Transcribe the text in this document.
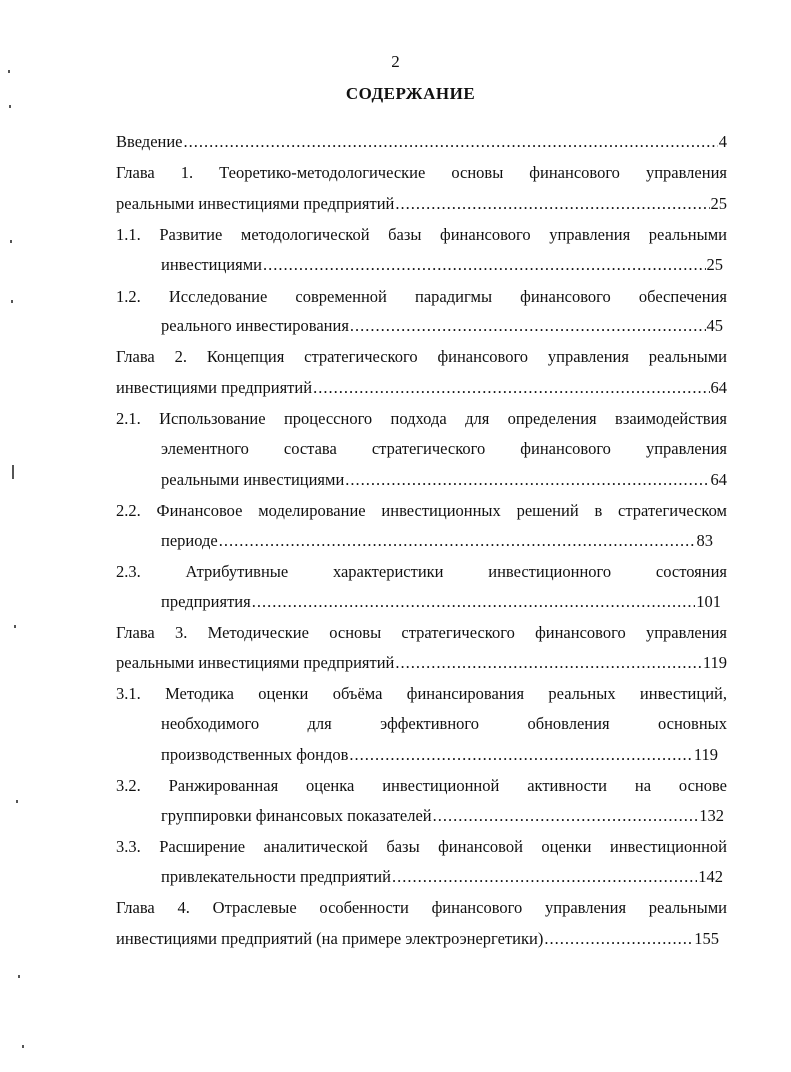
2
СОДЕРЖАНИЕ
Введение .....	4
Глава 1. Теоретико-методологические основы финансового управления
реальными инвестициями предприятий .....	25
1.1. Развитие методологической базы финансового управления реальными
инвестициями .....	25
1.2. Исследование современной парадигмы финансового обеспечения
реального инвестирования .....	45
Глава 2. Концепция стратегического финансового управления реальными
инвестициями предприятий .....	64
2.1. Использование процессного подхода для определения взаимодействия
элементного состава стратегического финансового управления
реальными инвестициями .....	64
2.2. Финансовое моделирование инвестиционных решений в стратегическом
периоде .....	83
2.3. Атрибутивные характеристики инвестиционного состояния
предприятия .....	101
Глава 3. Методические основы стратегического финансового управления
реальными инвестициями предприятий .....	119
3.1. Методика оценки объёма финансирования реальных инвестиций,
необходимого для эффективного обновления основных
производственных фондов .....	119
3.2. Ранжированная оценка инвестиционной активности на основе
группировки финансовых показателей .....	132
3.3. Расширение аналитической базы финансовой оценки инвестиционной
привлекательности предприятий .....	142
Глава 4. Отраслевые особенности финансового управления реальными
инвестициями предприятий (на примере электроэнергетики) .....	155
